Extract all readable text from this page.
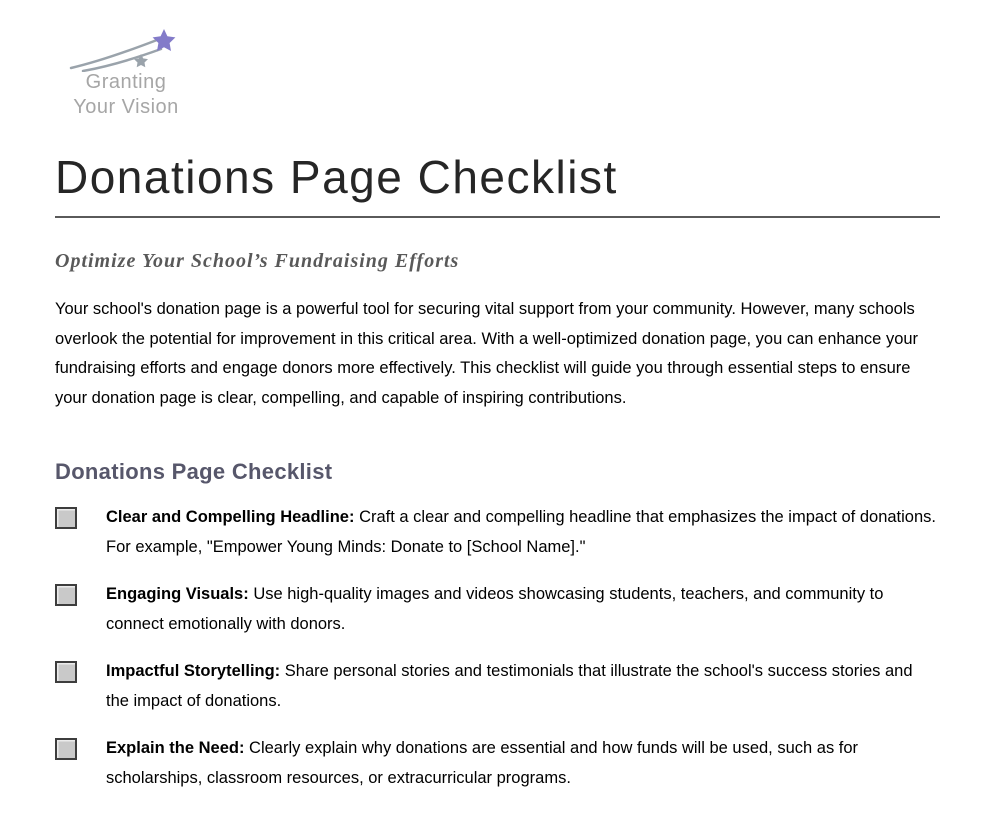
Granting
Your Vision
Donations Page Checklist
Optimize Your School’s Fundraising Efforts

Your school's donation page is a powerful tool for securing vital support from your community. However, many schools overlook the potential for improvement in this critical area. With a well-optimized donation page, you can enhance your fundraising efforts and engage donors more effectively. This checklist will guide you through essential steps to ensure your donation page is clear, compelling, and capable of inspiring contributions.

Donations Page Checklist
Clear and Compelling Headline: Craft a clear and compelling headline that emphasizes the impact of donations. For example, "Empower Young Minds: Donate to [School Name]."
Engaging Visuals: Use high-quality images and videos showcasing students, teachers, and community to connect emotionally with donors.
Impactful Storytelling: Share personal stories and testimonials that illustrate the school's success stories and the impact of donations.
Explain the Need: Clearly explain why donations are essential and how funds will be used, such as for scholarships, classroom resources, or extracurricular programs.
